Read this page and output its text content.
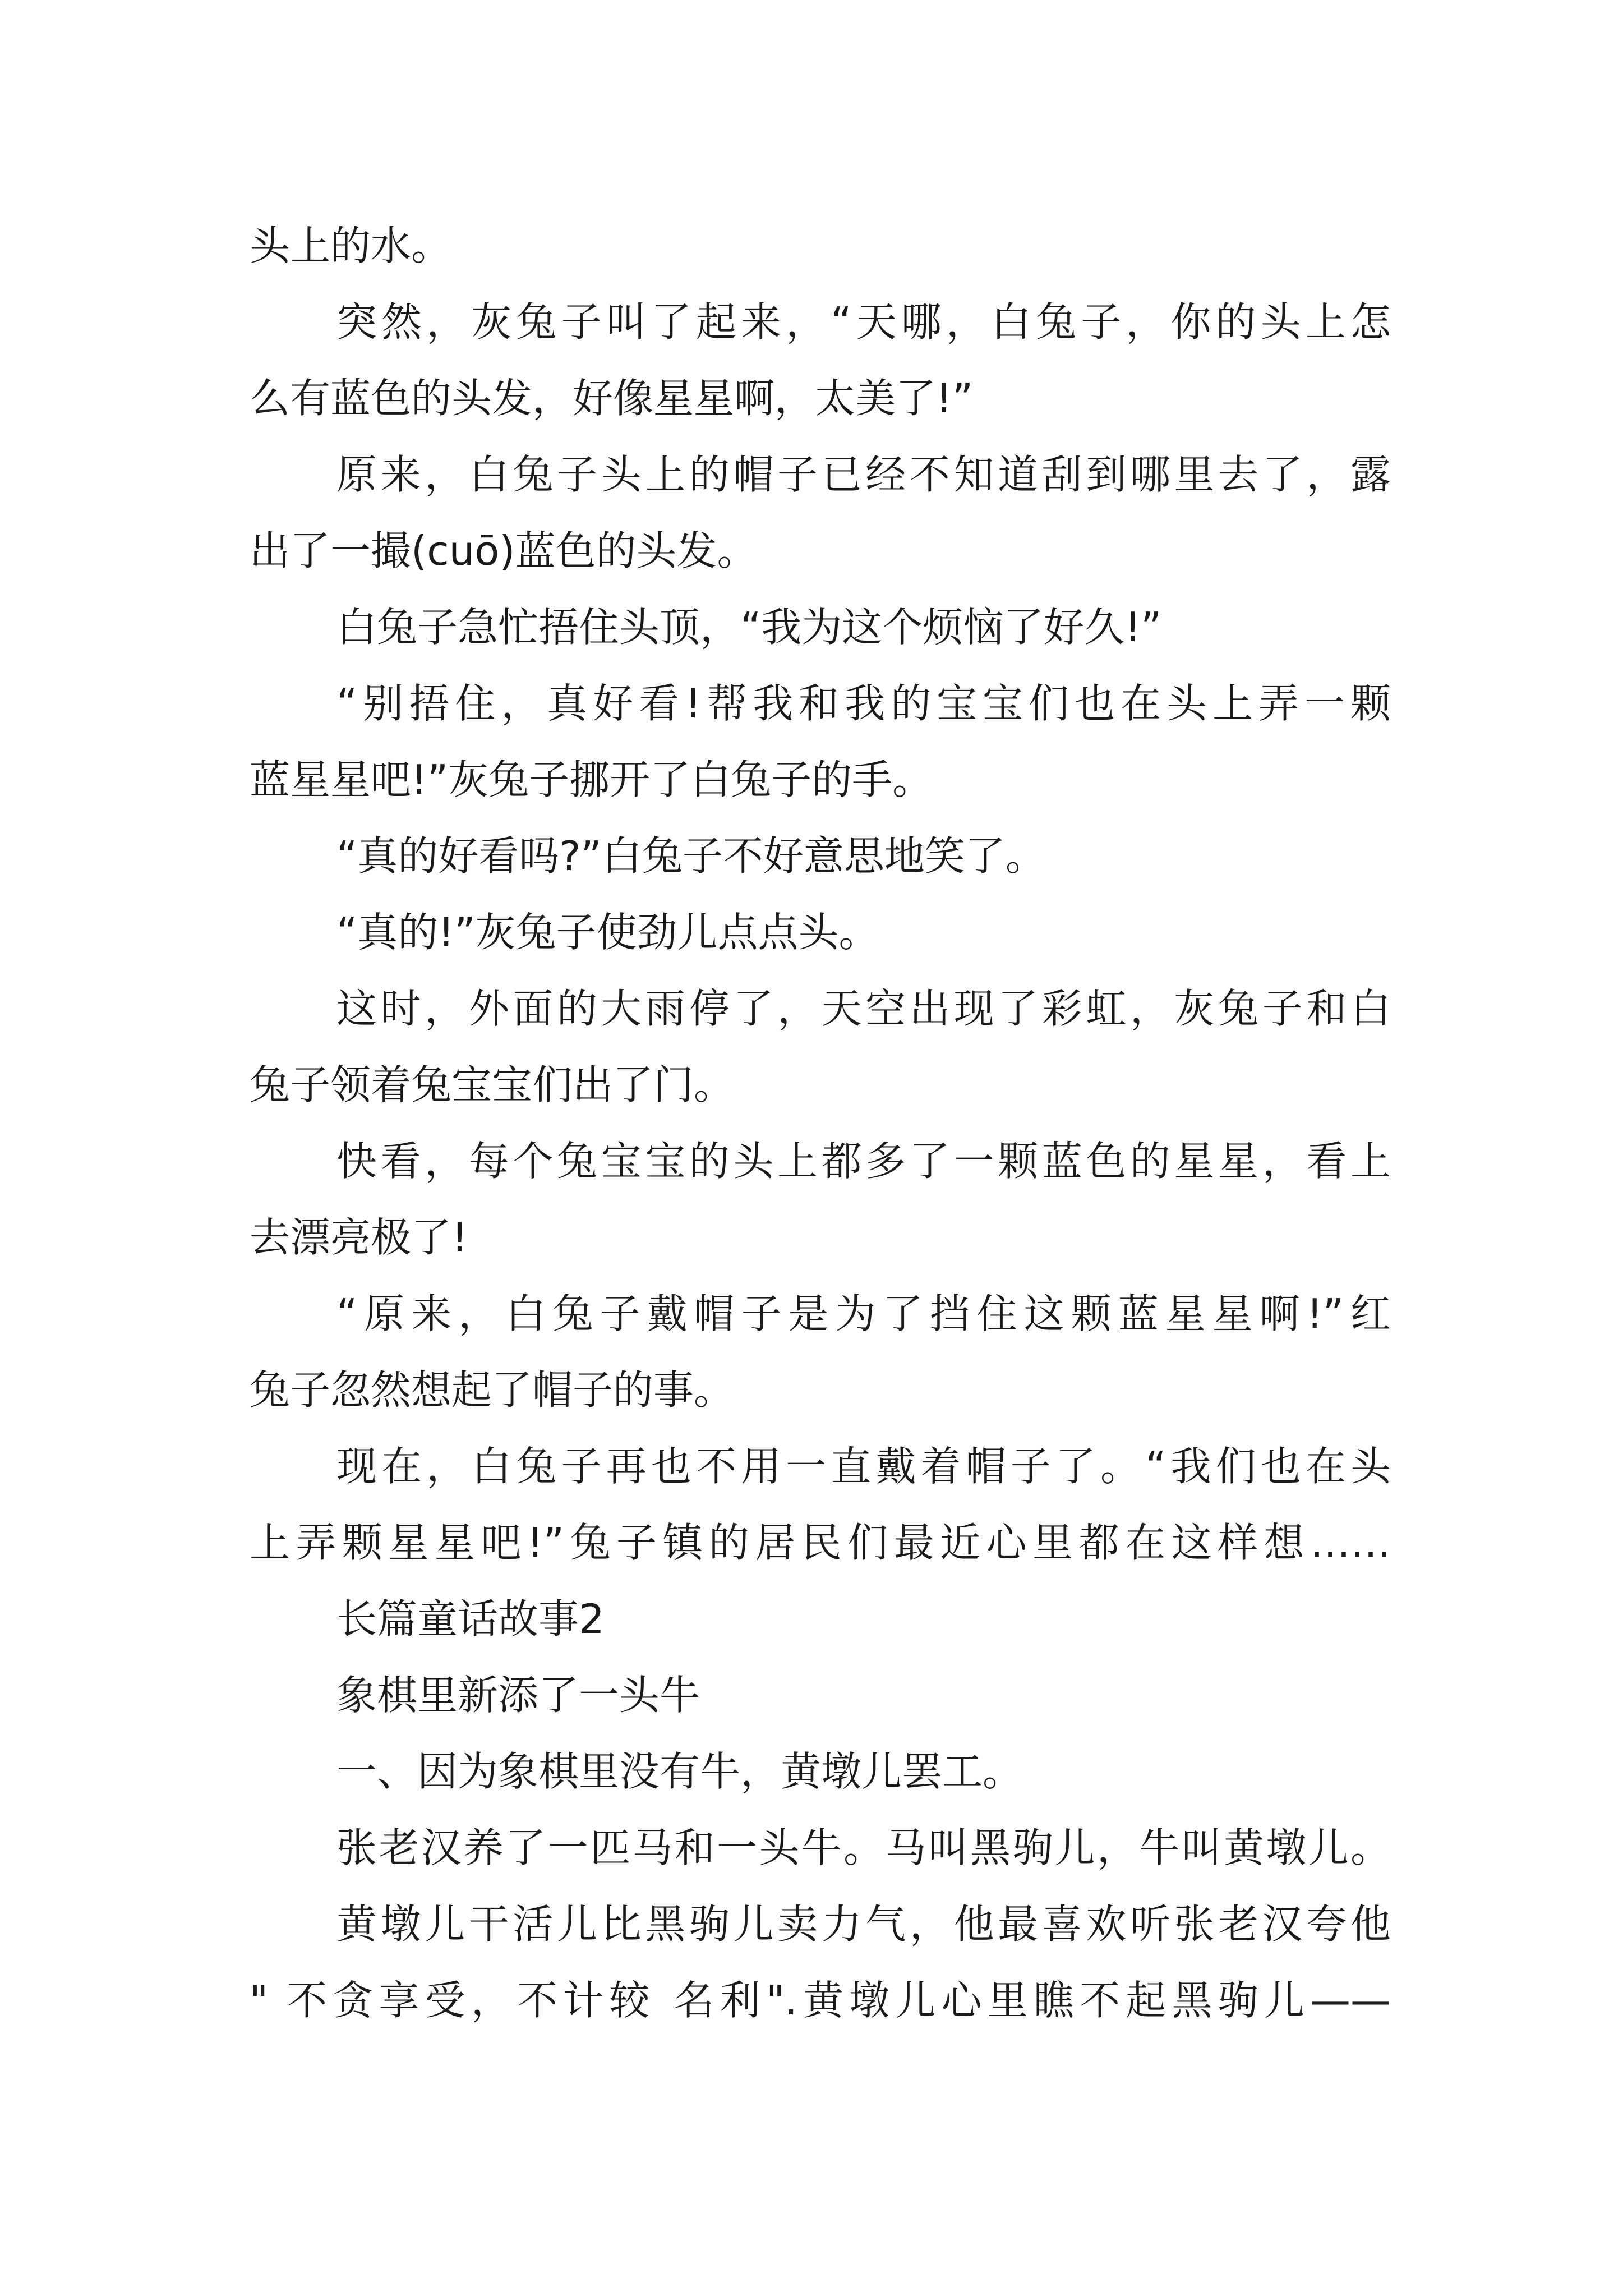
头上的水。
突然，灰兔子叫了起来，“天哪，白兔子，你的头上怎
么有蓝色的头发，好像星星啊，太美了!”
原来，白兔子头上的帽子已经不知道刮到哪里去了，露
出了一撮(cuō)蓝色的头发。
白兔子急忙捂住头顶，“我为这个烦恼了好久!”
“别捂住，真好看!帮我和我的宝宝们也在头上弄一颗
蓝星星吧!”灰兔子挪开了白兔子的手。
“真的好看吗?”白兔子不好意思地笑了。
“真的!”灰兔子使劲儿点点头。
这时，外面的大雨停了，天空出现了彩虹，灰兔子和白
兔子领着兔宝宝们出了门。
快看，每个兔宝宝的头上都多了一颗蓝色的星星，看上
去漂亮极了!
“原来，白兔子戴帽子是为了挡住这颗蓝星星啊!”红
兔子忽然想起了帽子的事。
现在，白兔子再也不用一直戴着帽子了。“我们也在头
上弄颗星星吧!”兔子镇的居民们最近心里都在这样想……
长篇童话故事2
象棋里新添了一头牛
一、因为象棋里没有牛，黄墩儿罢工。
张老汉养了一匹马和一头牛。马叫黑驹儿，牛叫黄墩儿。
黄墩儿干活儿比黑驹儿卖力气，他最喜欢听张老汉夸他
" 不贪享受，不计较 名利".黄墩儿心里瞧不起黑驹儿——
